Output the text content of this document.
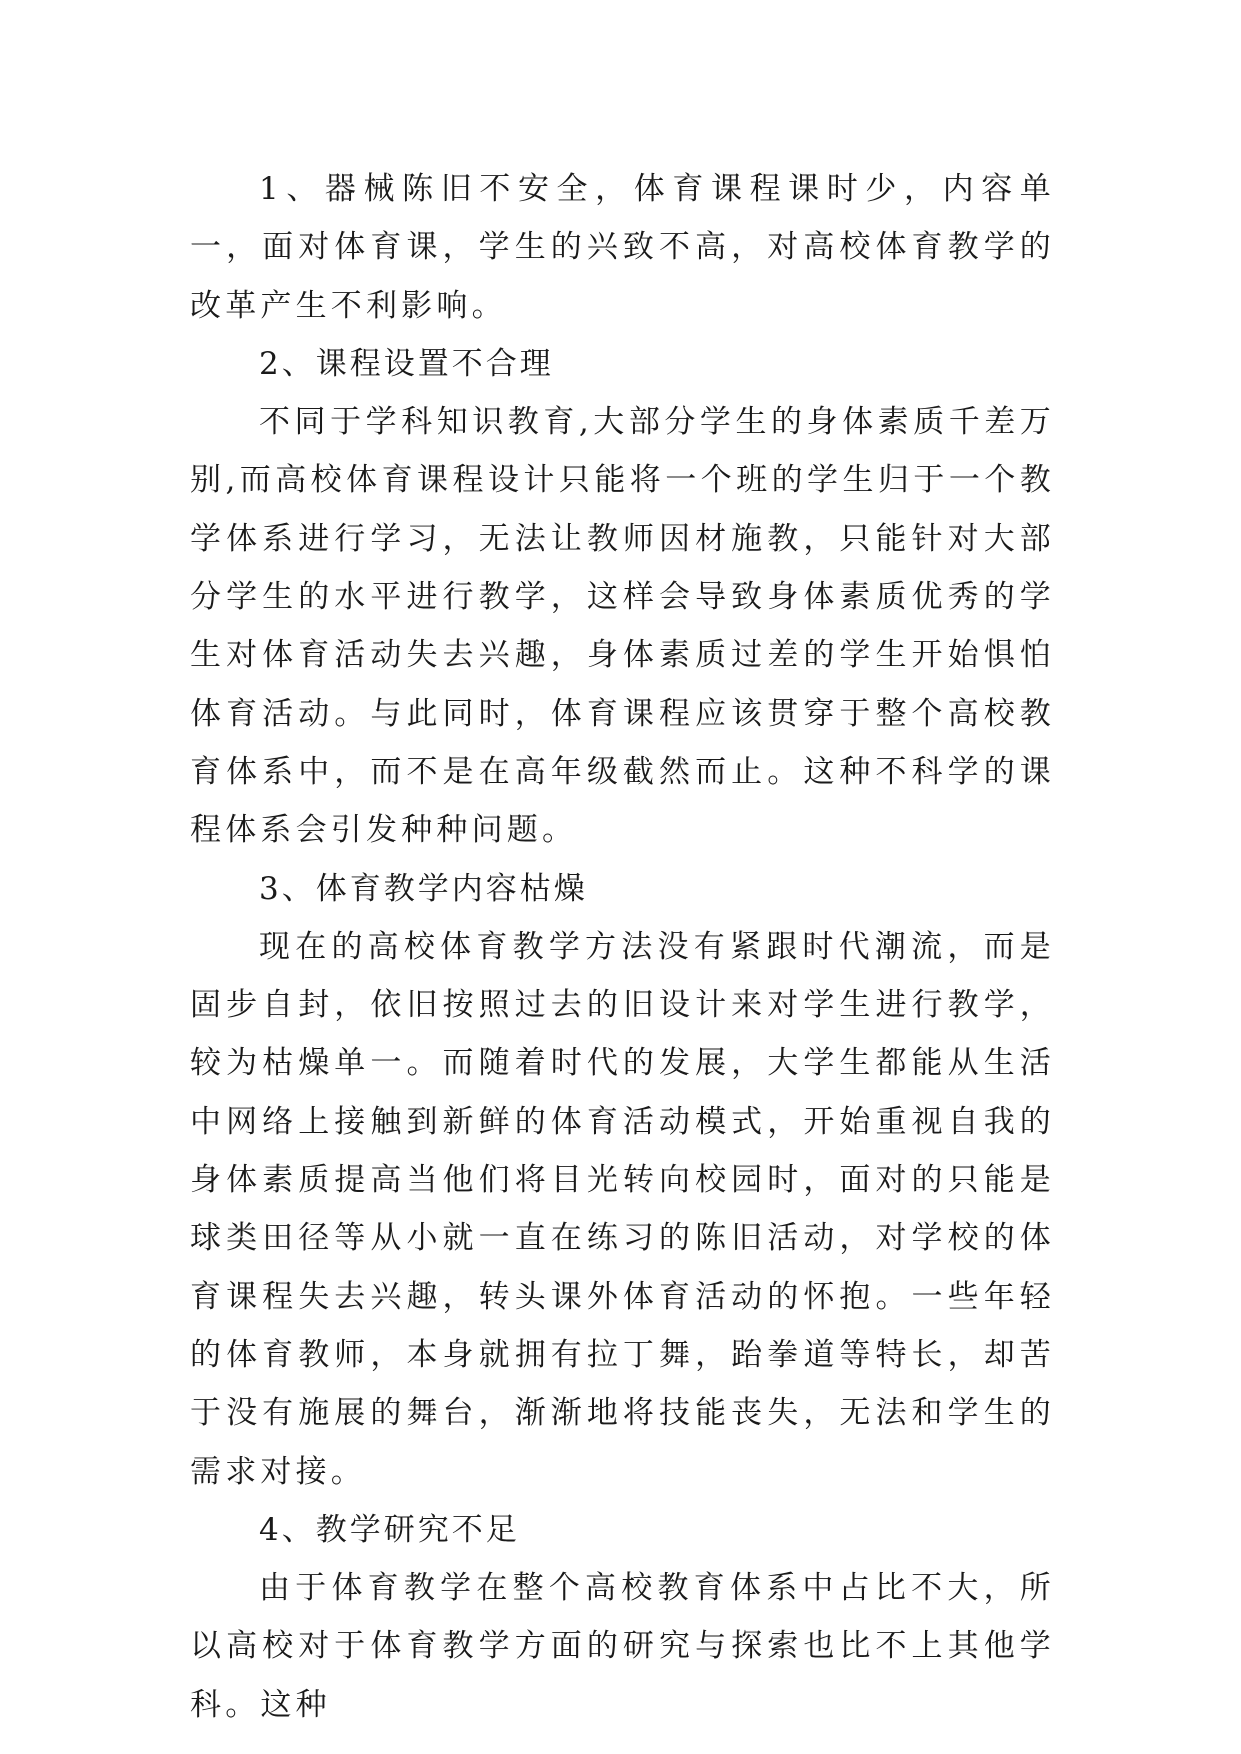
1、器械陈旧不安全，体育课程课时少，内容单一，面对体育课，学生的兴致不高，对高校体育教学的改革产生不利影响。

2、课程设置不合理

不同于学科知识教育,大部分学生的身体素质千差万别,而高校体育课程设计只能将一个班的学生归于一个教学体系进行学习，无法让教师因材施教，只能针对大部分学生的水平进行教学，这样会导致身体素质优秀的学生对体育活动失去兴趣，身体素质过差的学生开始惧怕体育活动。与此同时，体育课程应该贯穿于整个高校教育体系中，而不是在高年级截然而止。这种不科学的课程体系会引发种种问题。

3、体育教学内容枯燥

现在的高校体育教学方法没有紧跟时代潮流，而是固步自封，依旧按照过去的旧设计来对学生进行教学，较为枯燥单一。而随着时代的发展，大学生都能从生活中网络上接触到新鲜的体育活动模式，开始重视自我的身体素质提高当他们将目光转向校园时，面对的只能是球类田径等从小就一直在练习的陈旧活动，对学校的体育课程失去兴趣，转头课外体育活动的怀抱。一些年轻的体育教师，本身就拥有拉丁舞，跆拳道等特长，却苦于没有施展的舞台，渐渐地将技能丧失，无法和学生的需求对接。

4、教学研究不足

由于体育教学在整个高校教育体系中占比不大，所以高校对于体育教学方面的研究与探索也比不上其他学科。这种
